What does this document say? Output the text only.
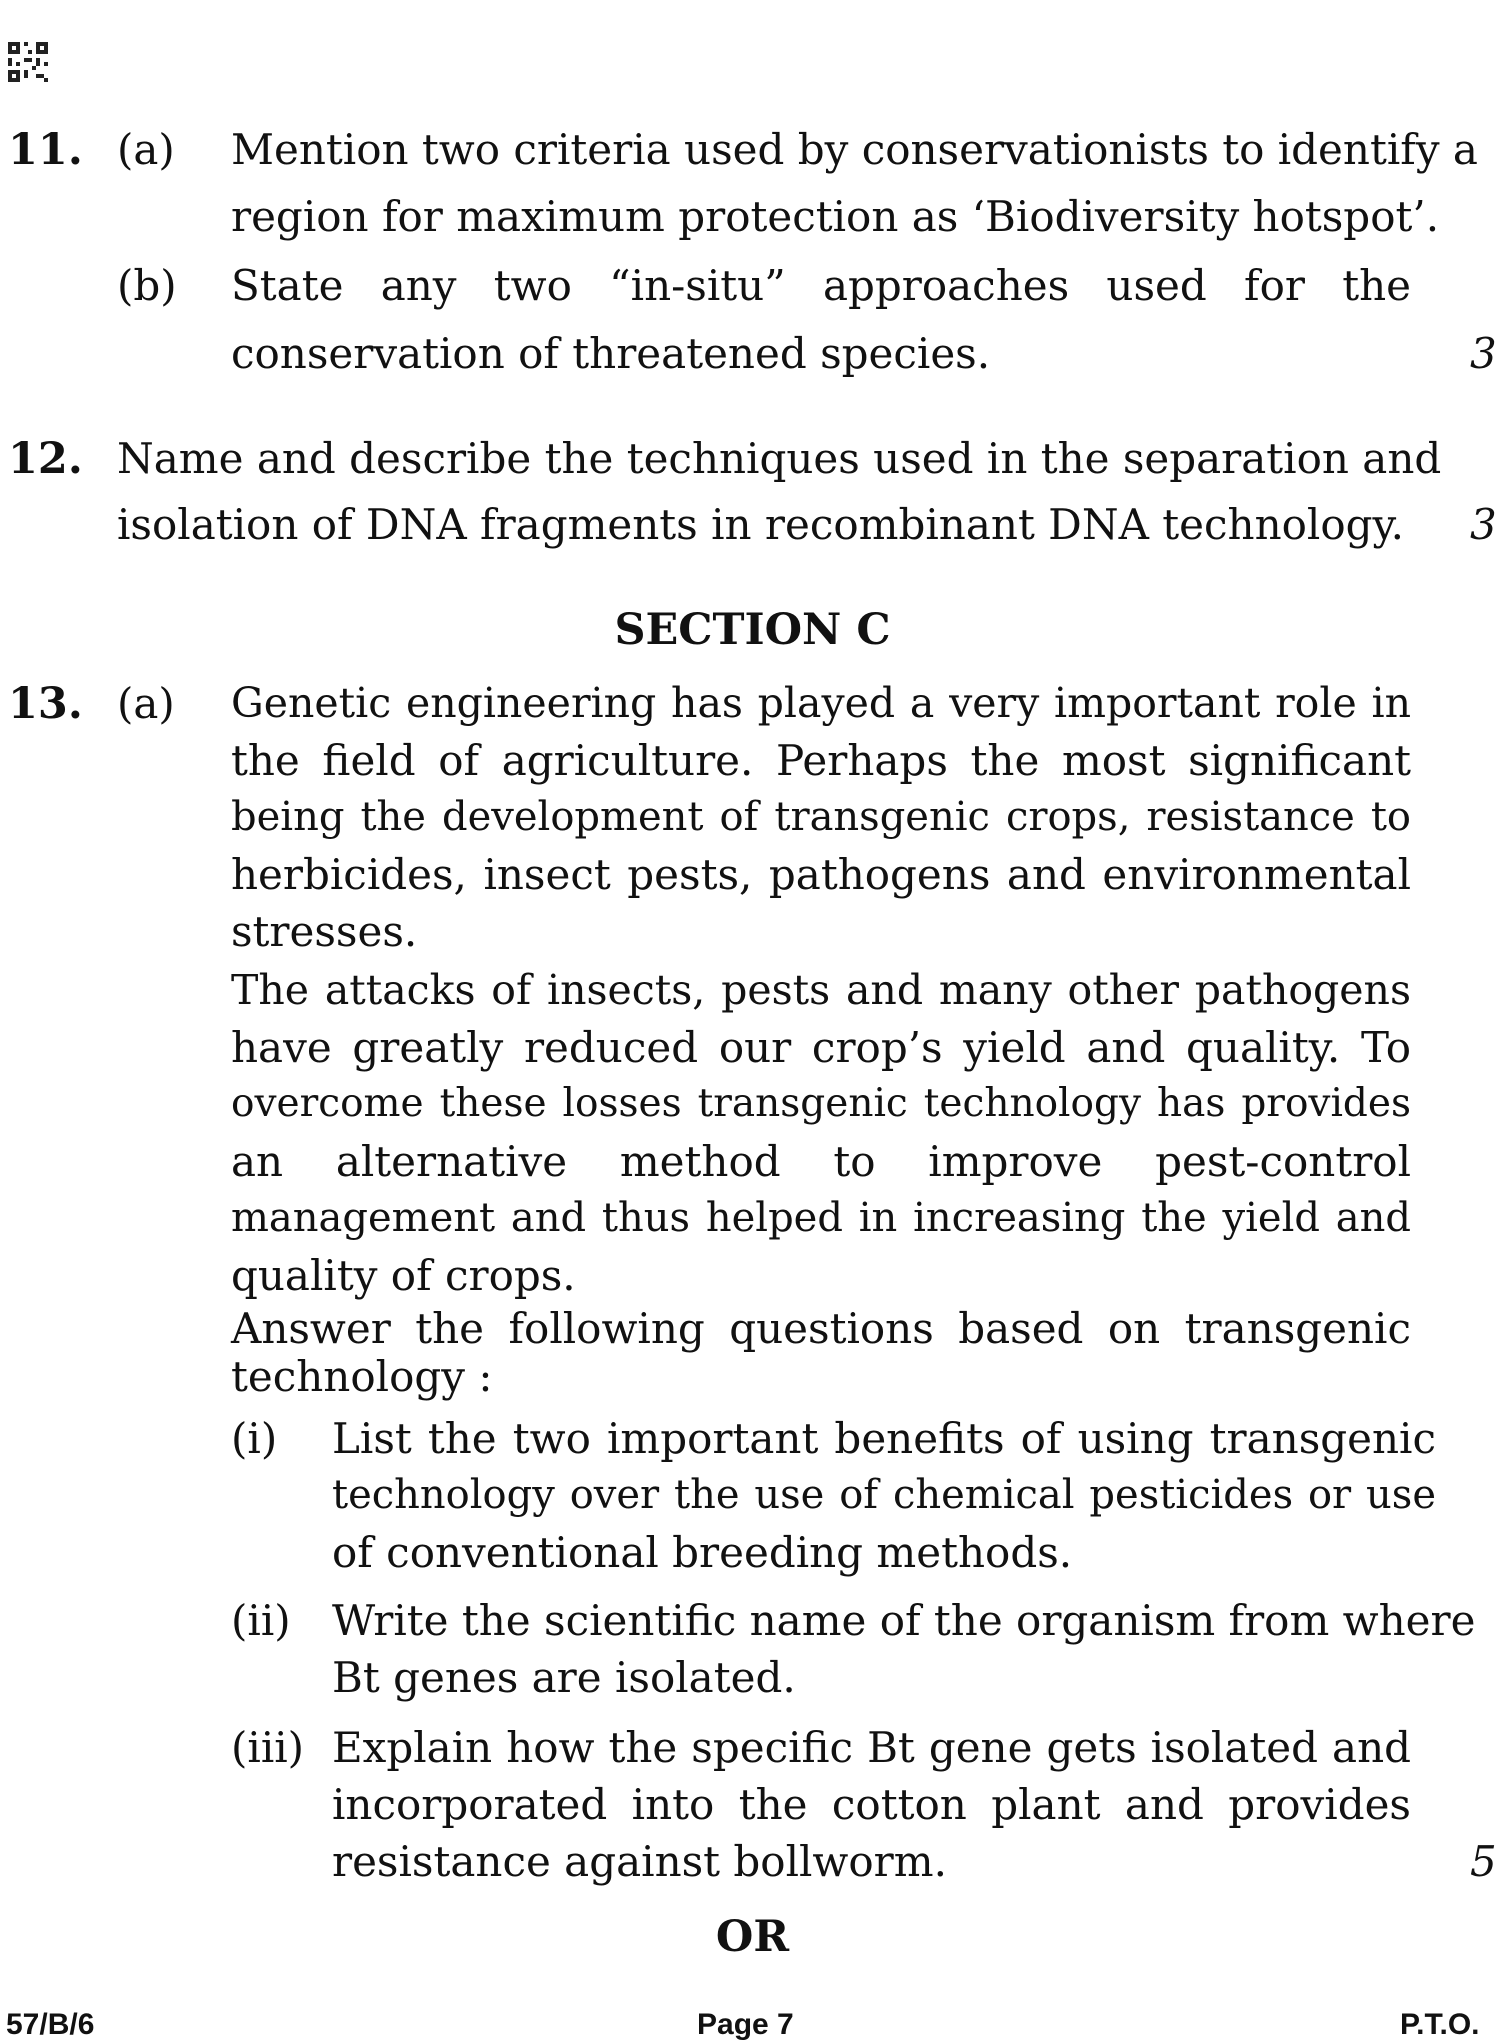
11. (a) Mention two criteria used by conservationists to identify a
region for maximum protection as ‘Biodiversity hotspot’.
(b) State any two “in-situ” approaches used for the
conservation of threatened species.	3
12. Name and describe the techniques used in the separation and
isolation of DNA fragments in recombinant DNA technology. 3
SECTION C
13. (a) Genetic engineering has played a very important role in
the field of agriculture. Perhaps the most significant
being the development of transgenic crops, resistance to
herbicides, insect pests, pathogens and environmental
stresses.
The attacks of insects, pests and many other pathogens
have greatly reduced our crop’s yield and quality. To
overcome these losses transgenic technology has provides
an alternative method to improve pest-control
management and thus helped in increasing the yield and
quality of crops.
Answer the following questions based on transgenic
technology :
(i) List the two important benefits of using transgenic
technology over the use of chemical pesticides or use
of conventional breeding methods.
(ii) Write the scientific name of the organism from where
Bt genes are isolated.
(iii) Explain how the specific Bt gene gets isolated and
incorporated into the cotton plant and provides
resistance against bollworm.	5
OR
57/B/6	Page 7	P.T.O.
